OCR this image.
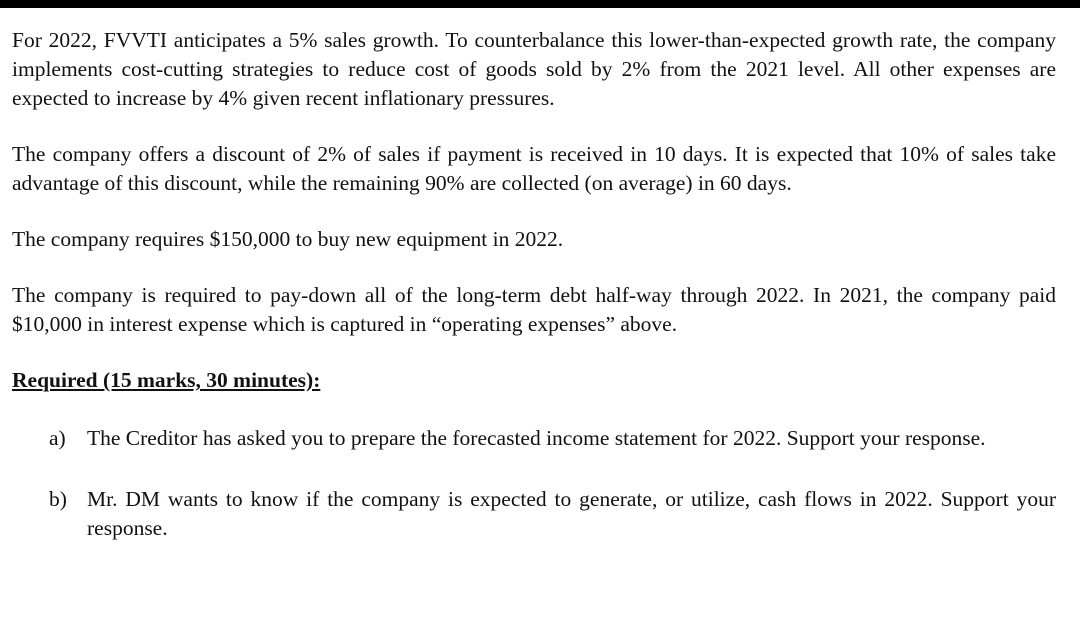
For 2022, FVVTI anticipates a 5% sales growth. To counterbalance this lower-than-expected growth rate, the company implements cost-cutting strategies to reduce cost of goods sold by 2% from the 2021 level. All other expenses are expected to increase by 4% given recent inflationary pressures.

The company offers a discount of 2% of sales if payment is received in 10 days. It is expected that 10% of sales take advantage of this discount, while the remaining 90% are collected (on average) in 60 days.

The company requires $150,000 to buy new equipment in 2022.

The company is required to pay-down all of the long-term debt half-way through 2022. In 2021, the company paid $10,000 in interest expense which is captured in “operating expenses” above.

Required (15 marks, 30 minutes):

a) The Creditor has asked you to prepare the forecasted income statement for 2022. Support your response.
b) Mr. DM wants to know if the company is expected to generate, or utilize, cash flows in 2022. Support your response.
